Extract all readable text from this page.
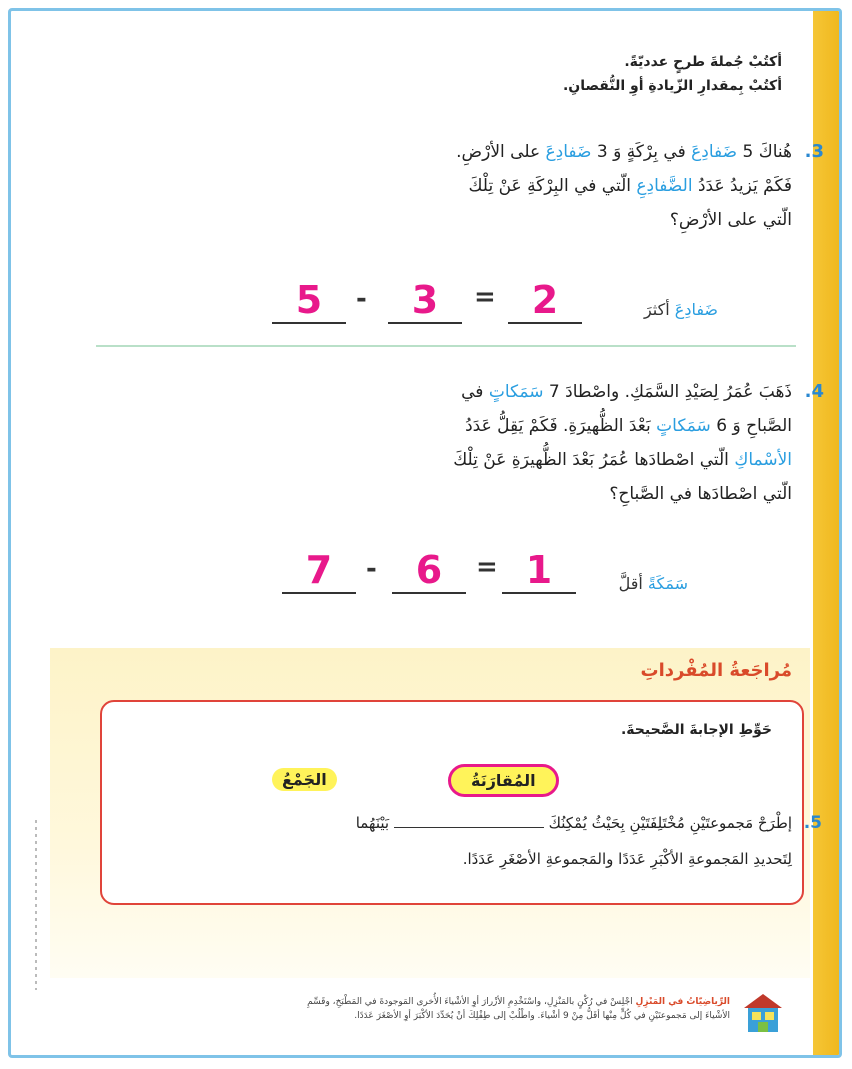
أكتُبْ جُملةَ طرحٍ عدديّةً.
أكتُبْ بِمقدارِ الزّيادةِ أوِ النُّقصانِ.
3.
هُناكَ 5 ضَفادِعَ في بِرْكَةٍ وَ 3 ضَفادِعَ على الأرْضِ.
فَكَمْ يَزيدُ عَدَدُ الضَّفادِعِ الّتي في البِرْكَةِ عَنْ تِلْكَ
الّتي على الأرْضِ؟
5	-	3	= 2	ضَفادِعَ أكثرَ
4.
ذَهَبَ عُمَرُ لِصَيْدِ السَّمَكِ. واصْطادَ 7 سَمَكاتٍ في
الصَّباحِ وَ 6 سَمَكاتٍ بَعْدَ الظُّهيرَةِ. فَكَمْ يَقِلُّ عَدَدُ
الأسْماكِ الّتي اصْطادَها عُمَرُ بَعْدَ الظُّهيرَةِ عَنْ تِلْكَ
الّتي اصْطادَها في الصَّباحِ؟
7	-	6	= 1	سَمَكَةً أقلَّ
مُراجَعةُ المُفْرداتِ
حَوِّطِ الإجابةَ الصَّحيحةَ.
المُقارَنَةُ
الجَمْعُ
5.
إطْرَحْ مَجموعتَيْنِ مُخْتَلِفَتَيْنِ بِحَيْثُ يُمْكِنُكَ  بَيْنَهُما
لِتَحديدِ المَجموعةِ الأكْبَرِ عَدَدًا والمَجموعةِ الأصْغَرِ عَدَدًا.
الرِّياضِيّاتُ في المَنْزِلِ اجْلِسْ في رُكْنٍ بالمَنْزِلِ، واسْتَخْدِمِ الأزْرارَ أوِ الأشْياءَ الأُخرى المَوجودةَ في المَطْبَخِ، وقَسِّمِ
الأشْياءَ إلى مَجموعتَيْنِ في كُلٍّ مِنْها أقَلُّ مِنْ 9 أشْياءَ. واطْلُبْ إلى طِفْلِكَ أنْ يُحَدِّدَ الأكْبَرَ أوِ الأصْغَرَ عَدَدًا.
